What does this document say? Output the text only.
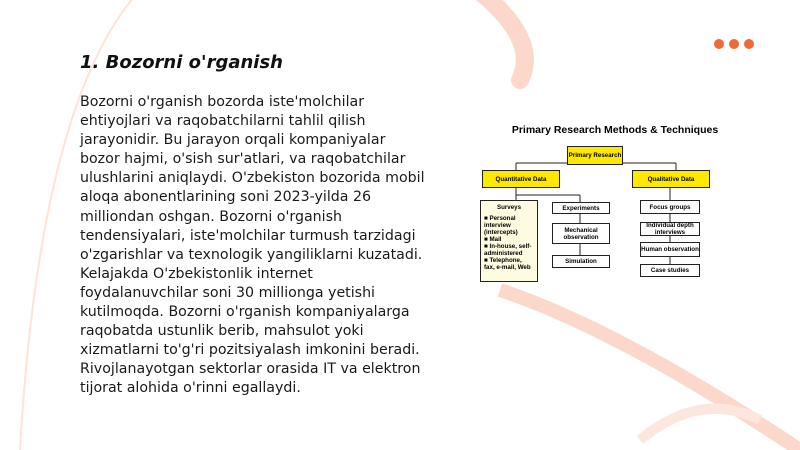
1. Bozorni o'rganish

Bozorni o'rganish bozorda iste'molchilar ehtiyojlari va raqobatchilarni tahlil qilish jarayonidir. Bu jarayon orqali kompaniyalar bozor hajmi, o'sish sur'atlari, va raqobatchilar ulushlarini aniqlaydi. O'zbekiston bozorida mobil aloqa abonentlarining soni 2023-yilda 26 milliondan oshgan. Bozorni o'rganish tendensiyalari, iste'molchilar turmush tarzidagi o'zgarishlar va texnologik yangiliklarni kuzatadi. Kelajakda O'zbekistonlik internet foydalanuvchilar soni 30 millionga yetishi kutilmoqda. Bozorni o'rganish kompaniyalarga raqobatda ustunlik berib, mahsulot yoki xizmatlarni to'g'ri pozitsiyalash imkonini beradi. Rivojlanayotgan sektorlar orasida IT va elektron tijorat alohida o'rinni egallaydi.

Primary Research Methods & Techniques
Primary Research
Quantitative Data	Qualitative Data
Surveys
■ Personal interview (intercepts)
■ Mail
■ In-house, self-administered
■ Telephone, fax, e-mail, Web
Experiments
Mechanical observation
Simulation
Focus groups
Individual depth interviews
Human observation
Case studies
